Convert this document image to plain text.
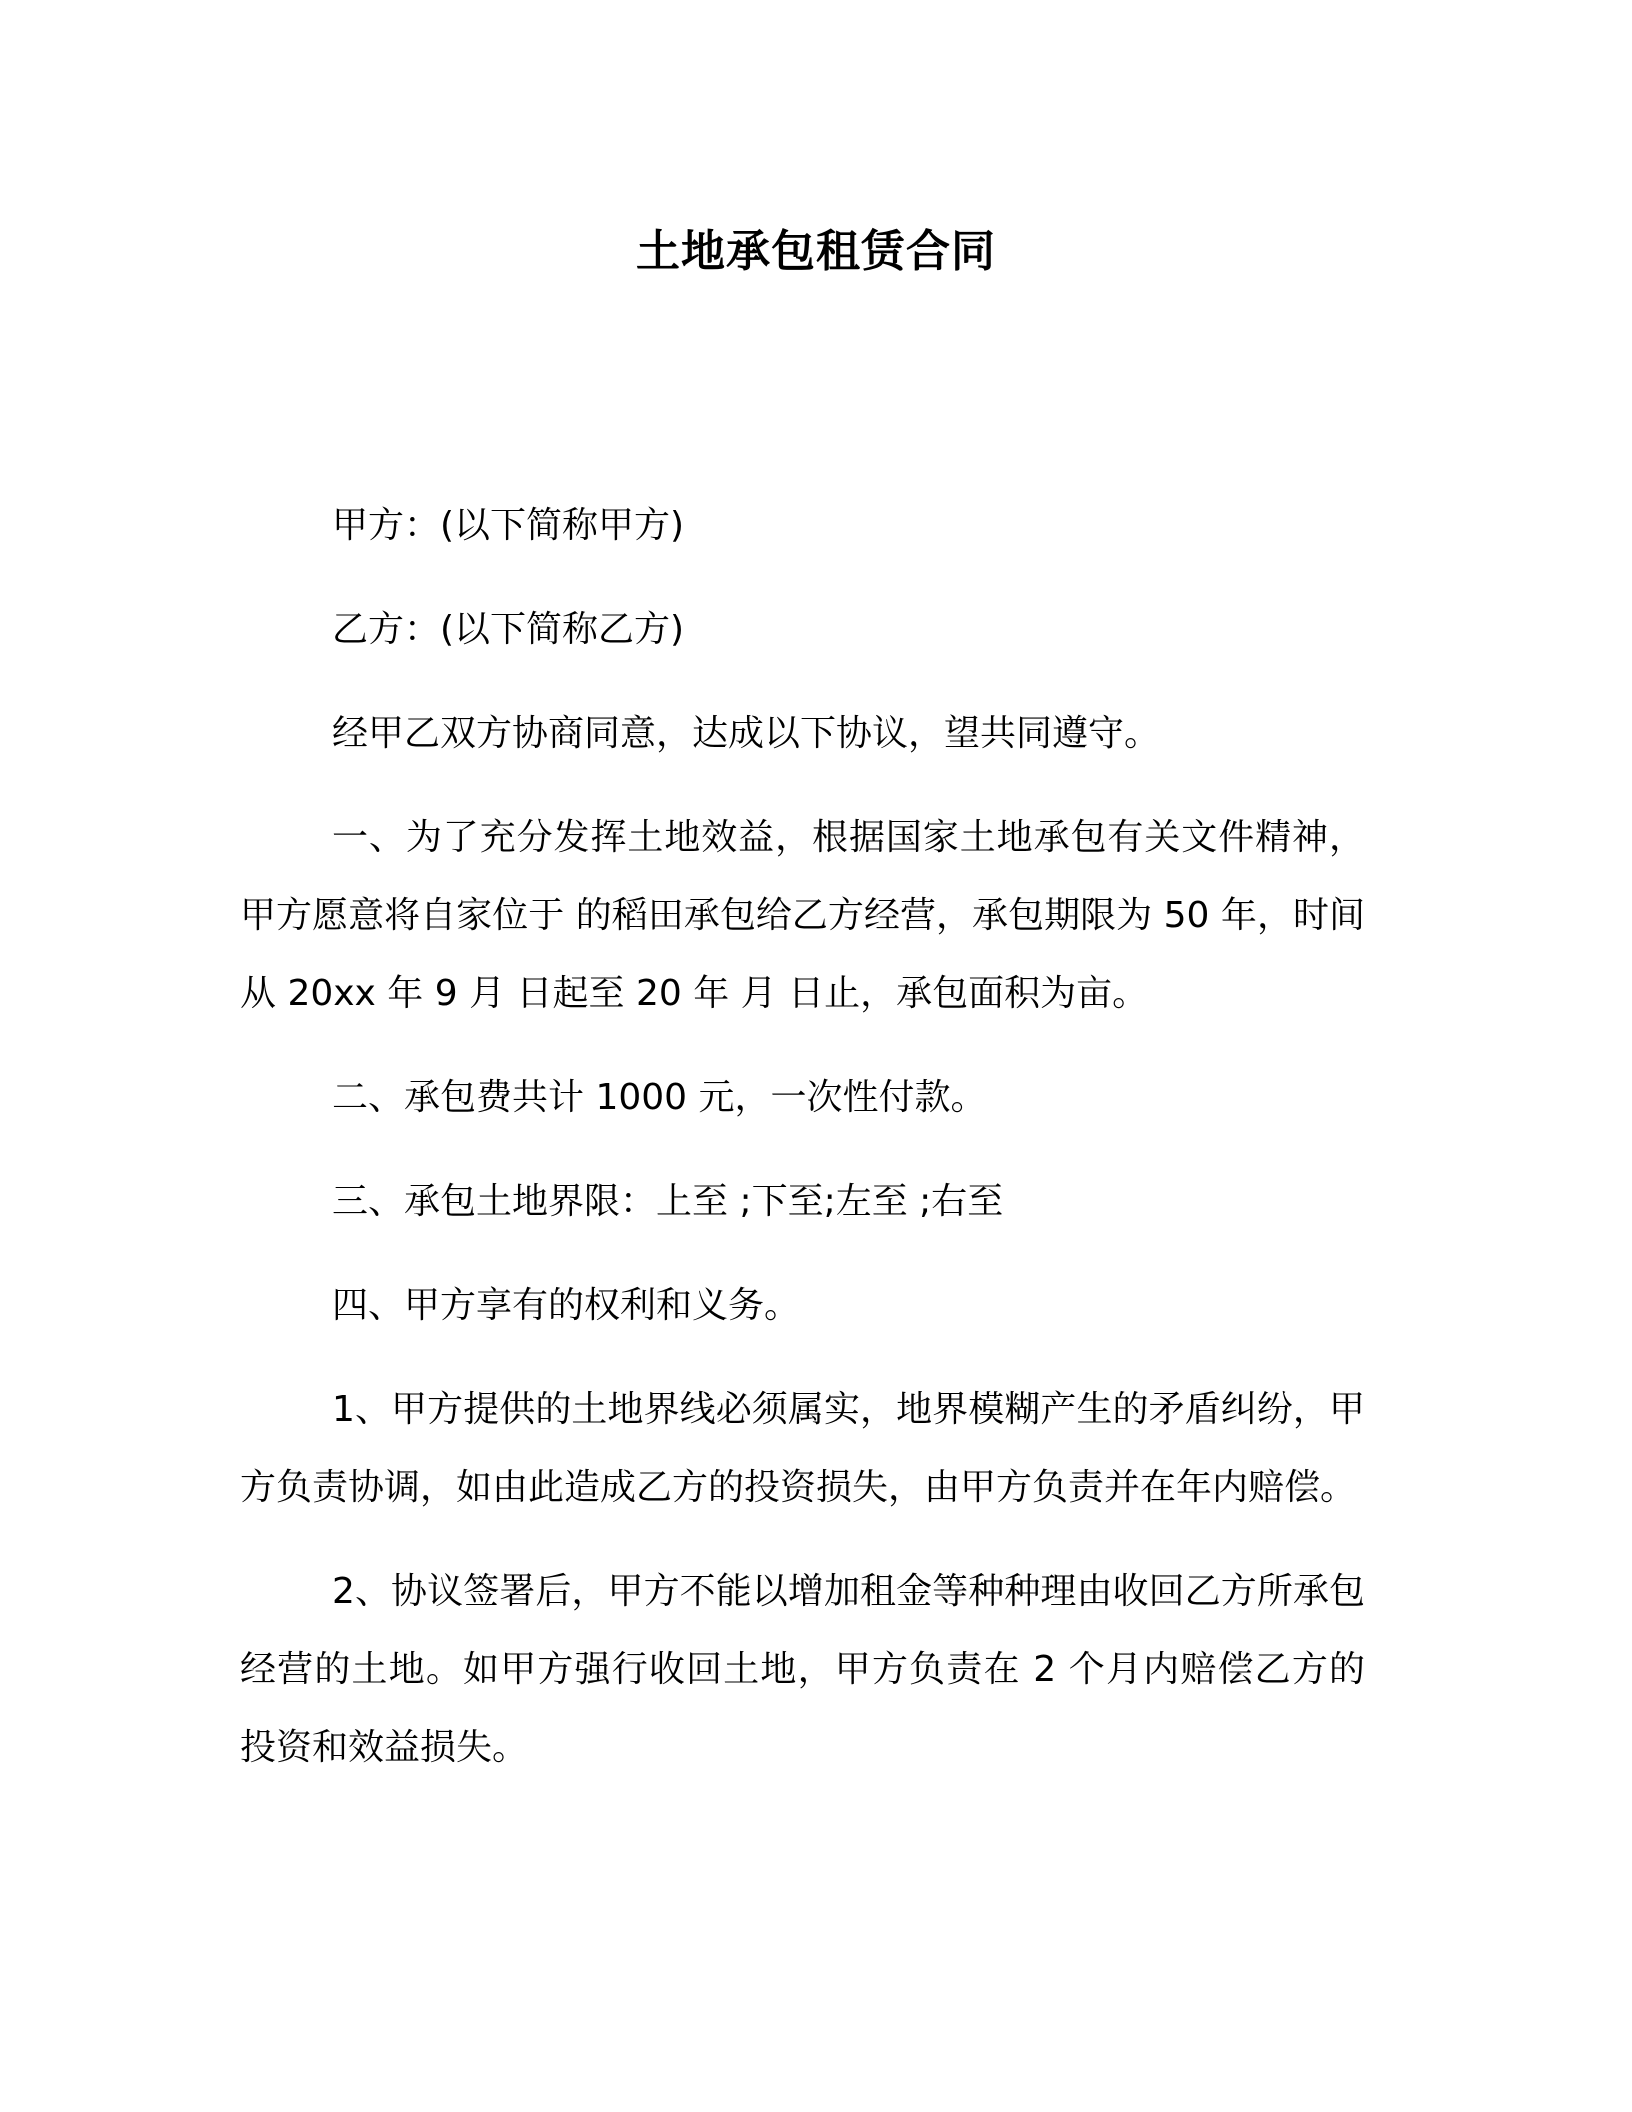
土地承包租赁合同

甲方：(以下简称甲方)

乙方：(以下简称乙方)

经甲乙双方协商同意，达成以下协议，望共同遵守。

一、为了充分发挥土地效益，根据国家土地承包有关文件精神，甲方愿意将自家位于 的稻田承包给乙方经营，承包期限为 50 年，时间从 20xx 年 9 月 日起至 20 年 月 日止，承包面积为亩。

二、承包费共计 1000 元，一次性付款。

三、承包土地界限：上至 ;下至;左至 ;右至

四、甲方享有的权利和义务。

1、甲方提供的土地界线必须属实，地界模糊产生的矛盾纠纷，甲方负责协调，如由此造成乙方的投资损失，由甲方负责并在年内赔偿。

2、协议签署后，甲方不能以增加租金等种种理由收回乙方所承包经营的土地。如甲方强行收回土地，甲方负责在 2 个月内赔偿乙方的投资和效益损失。
